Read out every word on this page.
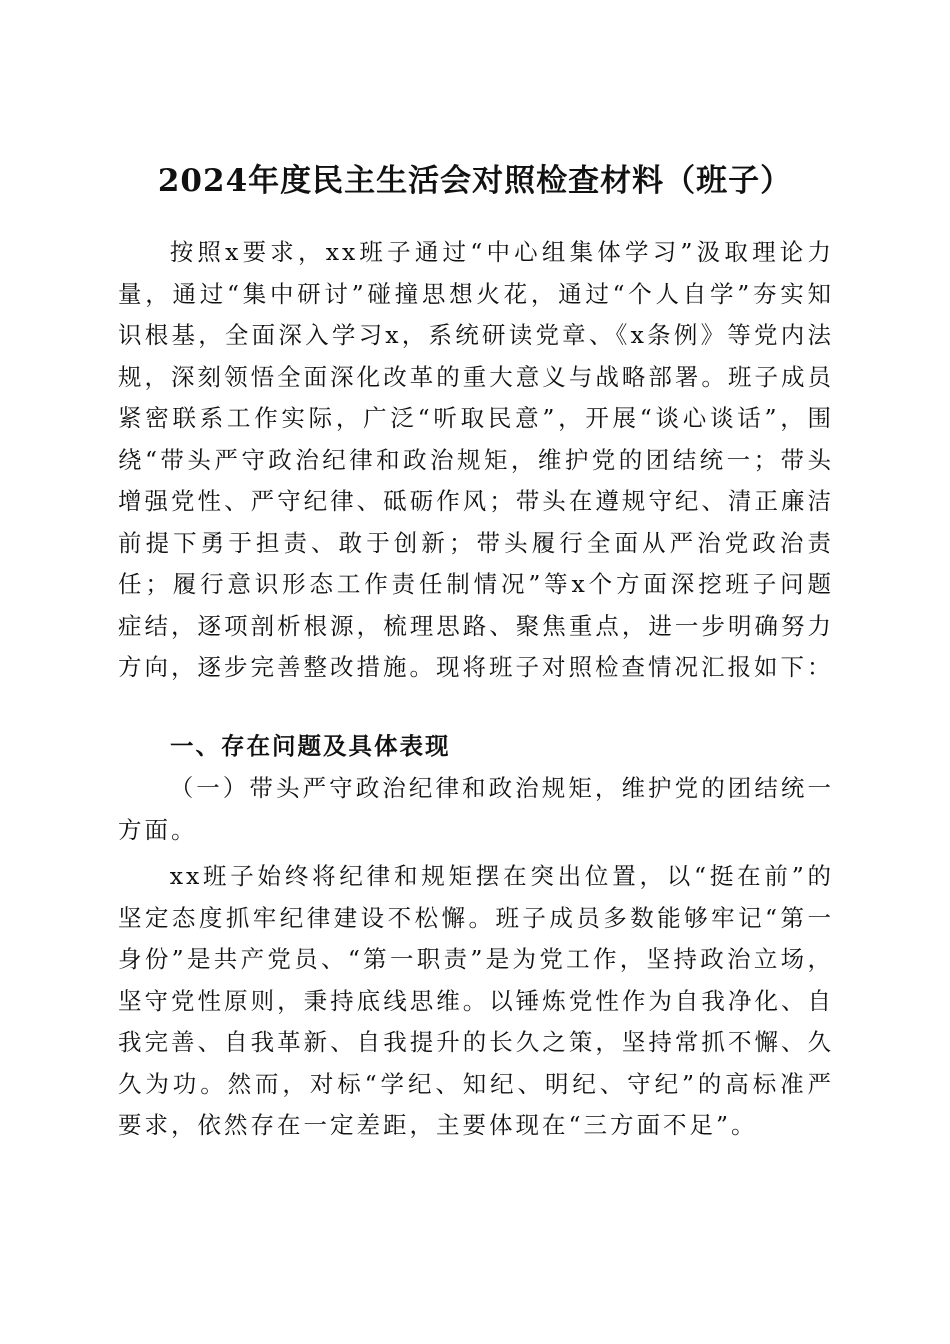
2024年度民主生活会对照检查材料（班子）

按照x要求，xx班子通过“中心组集体学习”汲取理论力量，通过“集中研讨”碰撞思想火花，通过“个人自学”夯实知识根基，全面深入学习x，系统研读党章、《x条例》等党内法规，深刻领悟全面深化改革的重大意义与战略部署。班子成员紧密联系工作实际，广泛“听取民意”，开展“谈心谈话”，围绕“带头严守政治纪律和政治规矩，维护党的团结统一；带头增强党性、严守纪律、砥砺作风；带头在遵规守纪、清正廉洁前提下勇于担责、敢于创新；带头履行全面从严治党政治责任；履行意识形态工作责任制情况”等x个方面深挖班子问题症结，逐项剖析根源，梳理思路、聚焦重点，进一步明确努力方向，逐步完善整改措施。现将班子对照检查情况汇报如下：

一、存在问题及具体表现

（一）带头严守政治纪律和政治规矩，维护党的团结统一方面。

xx班子始终将纪律和规矩摆在突出位置，以“挺在前”的坚定态度抓牢纪律建设不松懈。班子成员多数能够牢记“第一身份”是共产党员、“第一职责”是为党工作，坚持政治立场，坚守党性原则，秉持底线思维。以锤炼党性作为自我净化、自我完善、自我革新、自我提升的长久之策，坚持常抓不懈、久久为功。然而，对标“学纪、知纪、明纪、守纪”的高标准严要求，依然存在一定差距，主要体现在“三方面不足”。
